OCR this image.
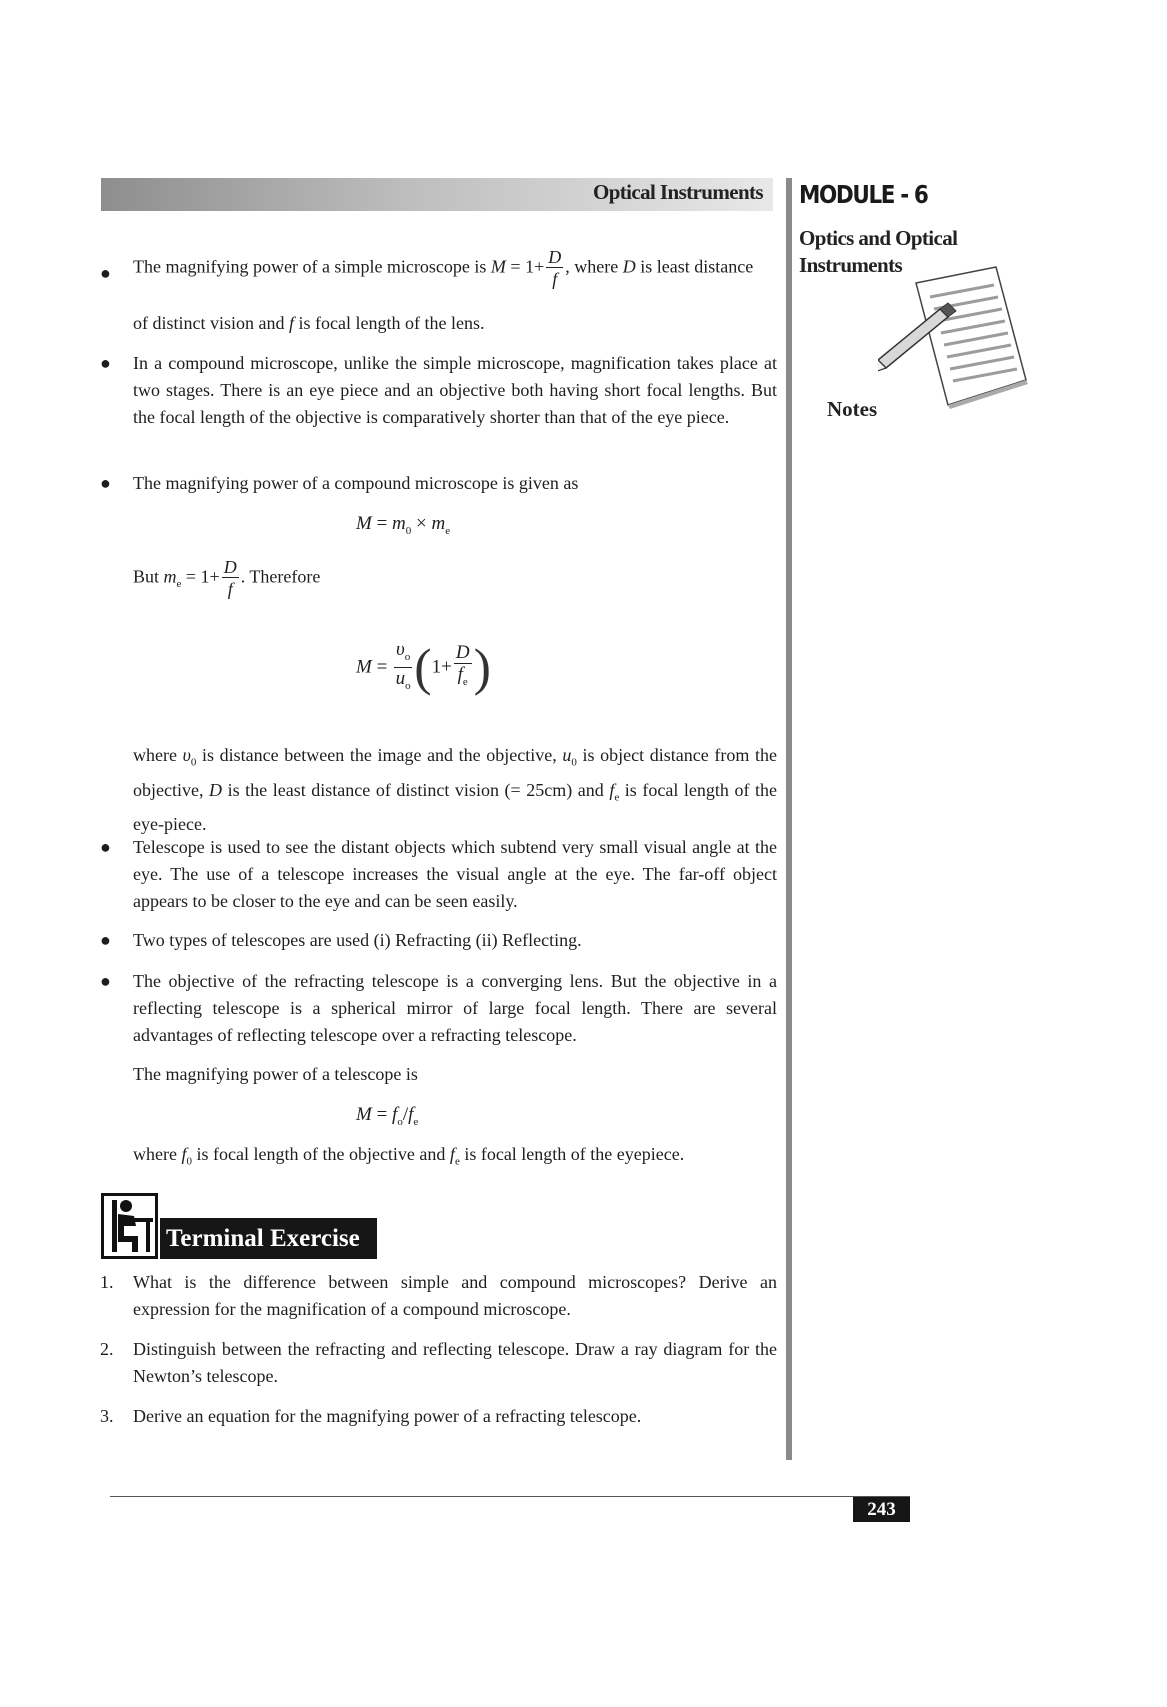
Optical Instruments MODULE - 6
Optics and Optical Instruments
Notes
● The magnifying power of a simple microscope is $M = 1+ \frac{D}{f}$ , where D is least distance
of distinct vision and f is focal length of the lens.
● In a compound microscope, unlike the simple microscope, magnification takes place at two stages. There is an eye piece and an objective both having short focal lengths. But the focal length of the objective is comparatively shorter than that of the eye piece.
● The magnifying power of a compound microscope is given as
$M = m_0 \times m_e$
But $m_e = 1+ \frac{D}{f}$ . Therefore
$M = \frac{\upsilon_o}{u_o} (1+ \frac{D}{f_e}$ )
where $\upsilon_0$ is distance between the image and the objective, $u_0$ is object distance from the objective, D is the least distance of distinct vision (= 25cm) and $f_e$ is focal length of the eye-piece.
● Telescope is used to see the distant objects which subtend very small visual angle at the eye. The use of a telescope increases the visual angle at the eye. The far-off object appears to be closer to the eye and can be seen easily.
● Two types of telescopes are used (i) Refracting (ii) Reflecting.
● The objective of the refracting telescope is a converging lens. But the objective in a reflecting telescope is a spherical mirror of large focal length. There are several advantages of reflecting telescope over a refracting telescope.
The magnifying power of a telescope is
$M = f_o/f_e$
where $f_0$ is focal length of the objective and $f_e$ is focal length of the eyepiece.
1. What is the difference between simple and compound microscopes? Derive an expression for the magnification of a compound microscope.
2. Distinguish between the refracting and reflecting telescope. Draw a ray diagram for the Newton’s telescope.
3. Derive an equation for the magnifying power of a refracting telescope.
Terminal Exercise
243
